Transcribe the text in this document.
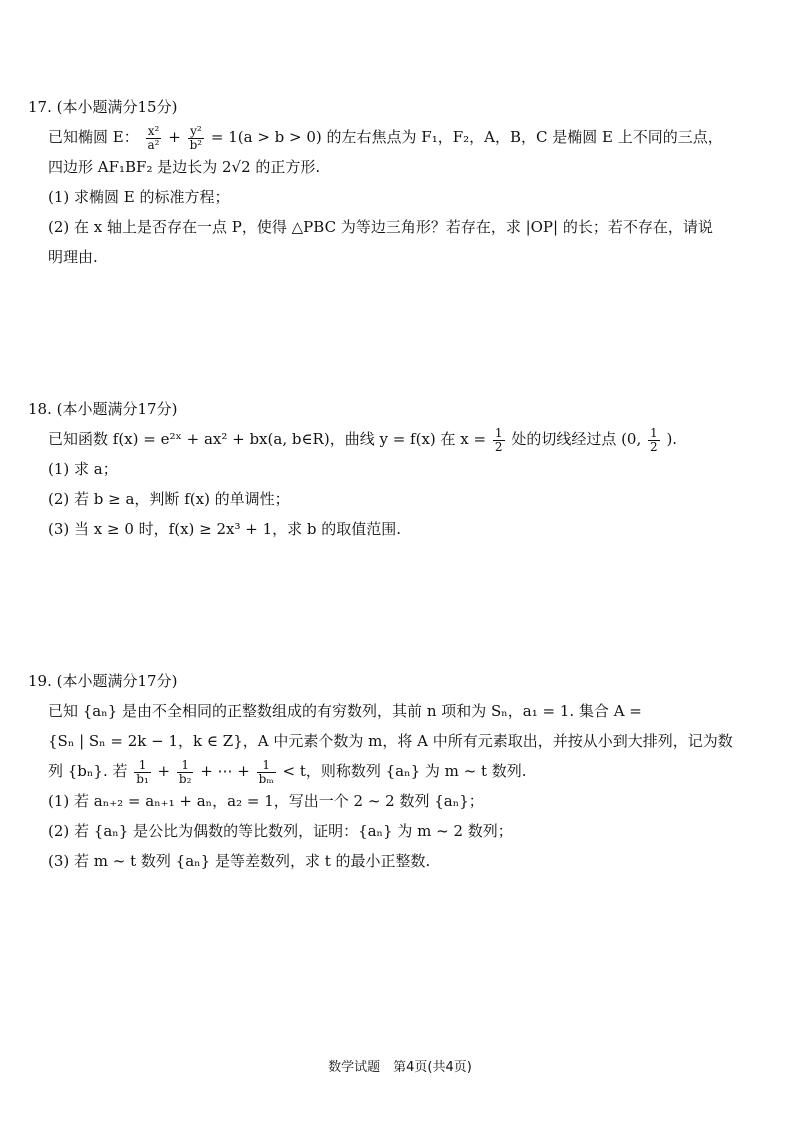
17. (本小题满分15分)
已知椭圆 E： $\frac{\text{x²}}{\text{a²}} + \frac{\text{y²}}{\text{b²}} = 1(a > b > 0)$ 的左右焦点为 F₁，F₂，A，B，C 是椭圆 E 上不同的三点，
四边形 AF₁BF₂ 是边长为 2√2 的正方形.
(1) 求椭圆 E 的标准方程；
(2) 在 x 轴上是否存在一点 P，使得 △PBC 为等边三角形？若存在，求 |OP| 的长；若不存在，请说
明理由.
18. (本小题满分17分)
已知函数 f(x) = e²ˣ + ax² + bx(a, b∈R)，曲线 y = f(x) 在 $x = \frac{1}{2}$ 处的切线经过点 (0, $\frac{1}{2}$ ).
(1) 求 a；
(2) 若 b ≥ a，判断 f(x) 的单调性；
(3) 当 x ≥ 0 时，f(x) ≥ 2x³ + 1，求 b 的取值范围.
19. (本小题满分17分)
已知 {aₙ} 是由不全相同的正整数组成的有穷数列，其前 n 项和为 Sₙ，a₁ = 1. 集合 A =
{Sₙ | Sₙ = 2k − 1，k ∈ Z}，A 中元素个数为 m，将 A 中所有元素取出，并按从小到大排列，记为数
列 {bₙ}. 若 $\frac{1}{\text{b₁}} + \frac{1}{\text{b₂}}$ + ⋯ + $\frac{1}{\text{bₘ}} < t$，则称数列 {aₙ} 为 m ~ t 数列.
(1) 若 aₙ₊₂ = aₙ₊₁ + aₙ，a₂ = 1，写出一个 2 ~ 2 数列 {aₙ}；
(2) 若 {aₙ} 是公比为偶数的等比数列，证明：{aₙ} 为 m ~ 2 数列；
(3) 若 m ~ t 数列 {aₙ} 是等差数列，求 t 的最小正整数.
数学试题　第4页(共4页)
